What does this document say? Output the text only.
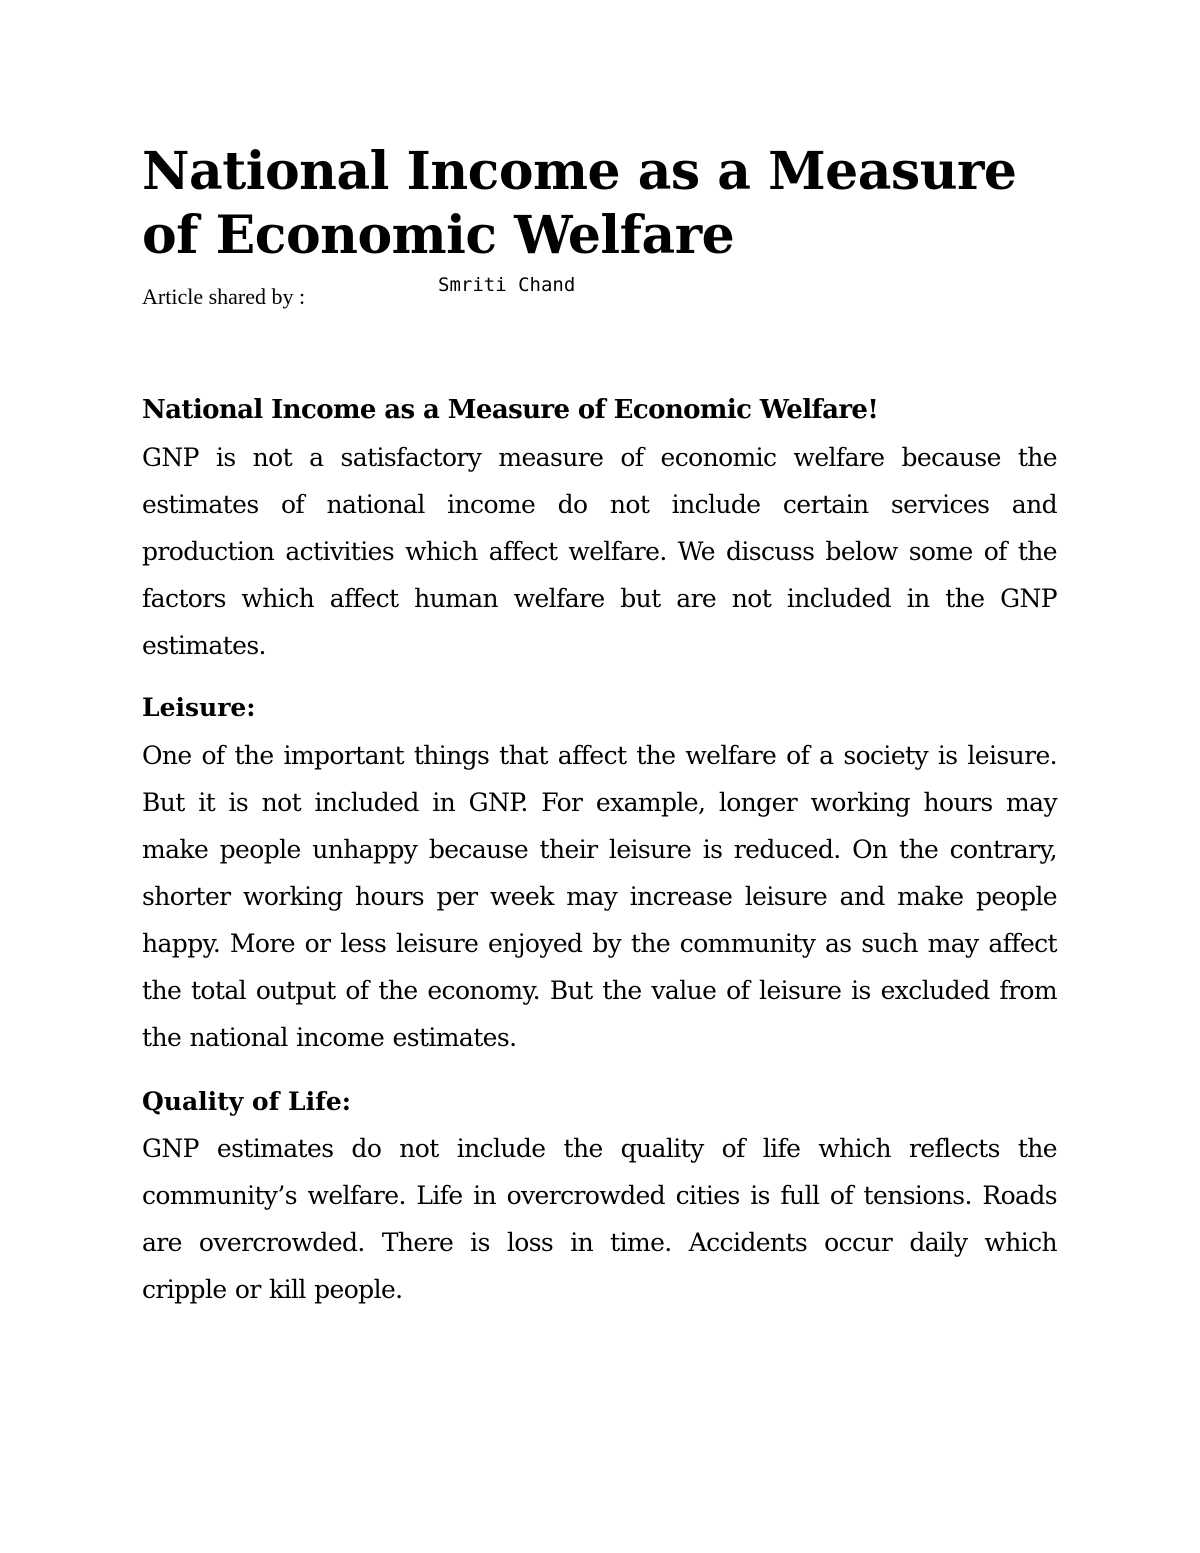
National Income as a Measure of Economic Welfare
Article shared by :	Smriti Chand
National Income as a Measure of Economic Welfare!

GNP is not a satisfactory measure of economic welfare because the estimates of national income do not include certain services and production activities which affect welfare. We discuss below some of the factors which affect human welfare but are not included in the GNP estimates.

Leisure:

One of the important things that affect the welfare of a society is leisure. But it is not included in GNP. For example, longer working hours may make people unhappy because their leisure is reduced. On the contrary, shorter working hours per week may increase leisure and make people happy. More or less leisure enjoyed by the community as such may affect the total output of the economy. But the value of leisure is excluded from the national income estimates.

Quality of Life:

GNP estimates do not include the quality of life which reflects the community’s welfare. Life in overcrowded cities is full of tensions. Roads are overcrowded. There is loss in time. Accidents occur daily which cripple or kill people.
